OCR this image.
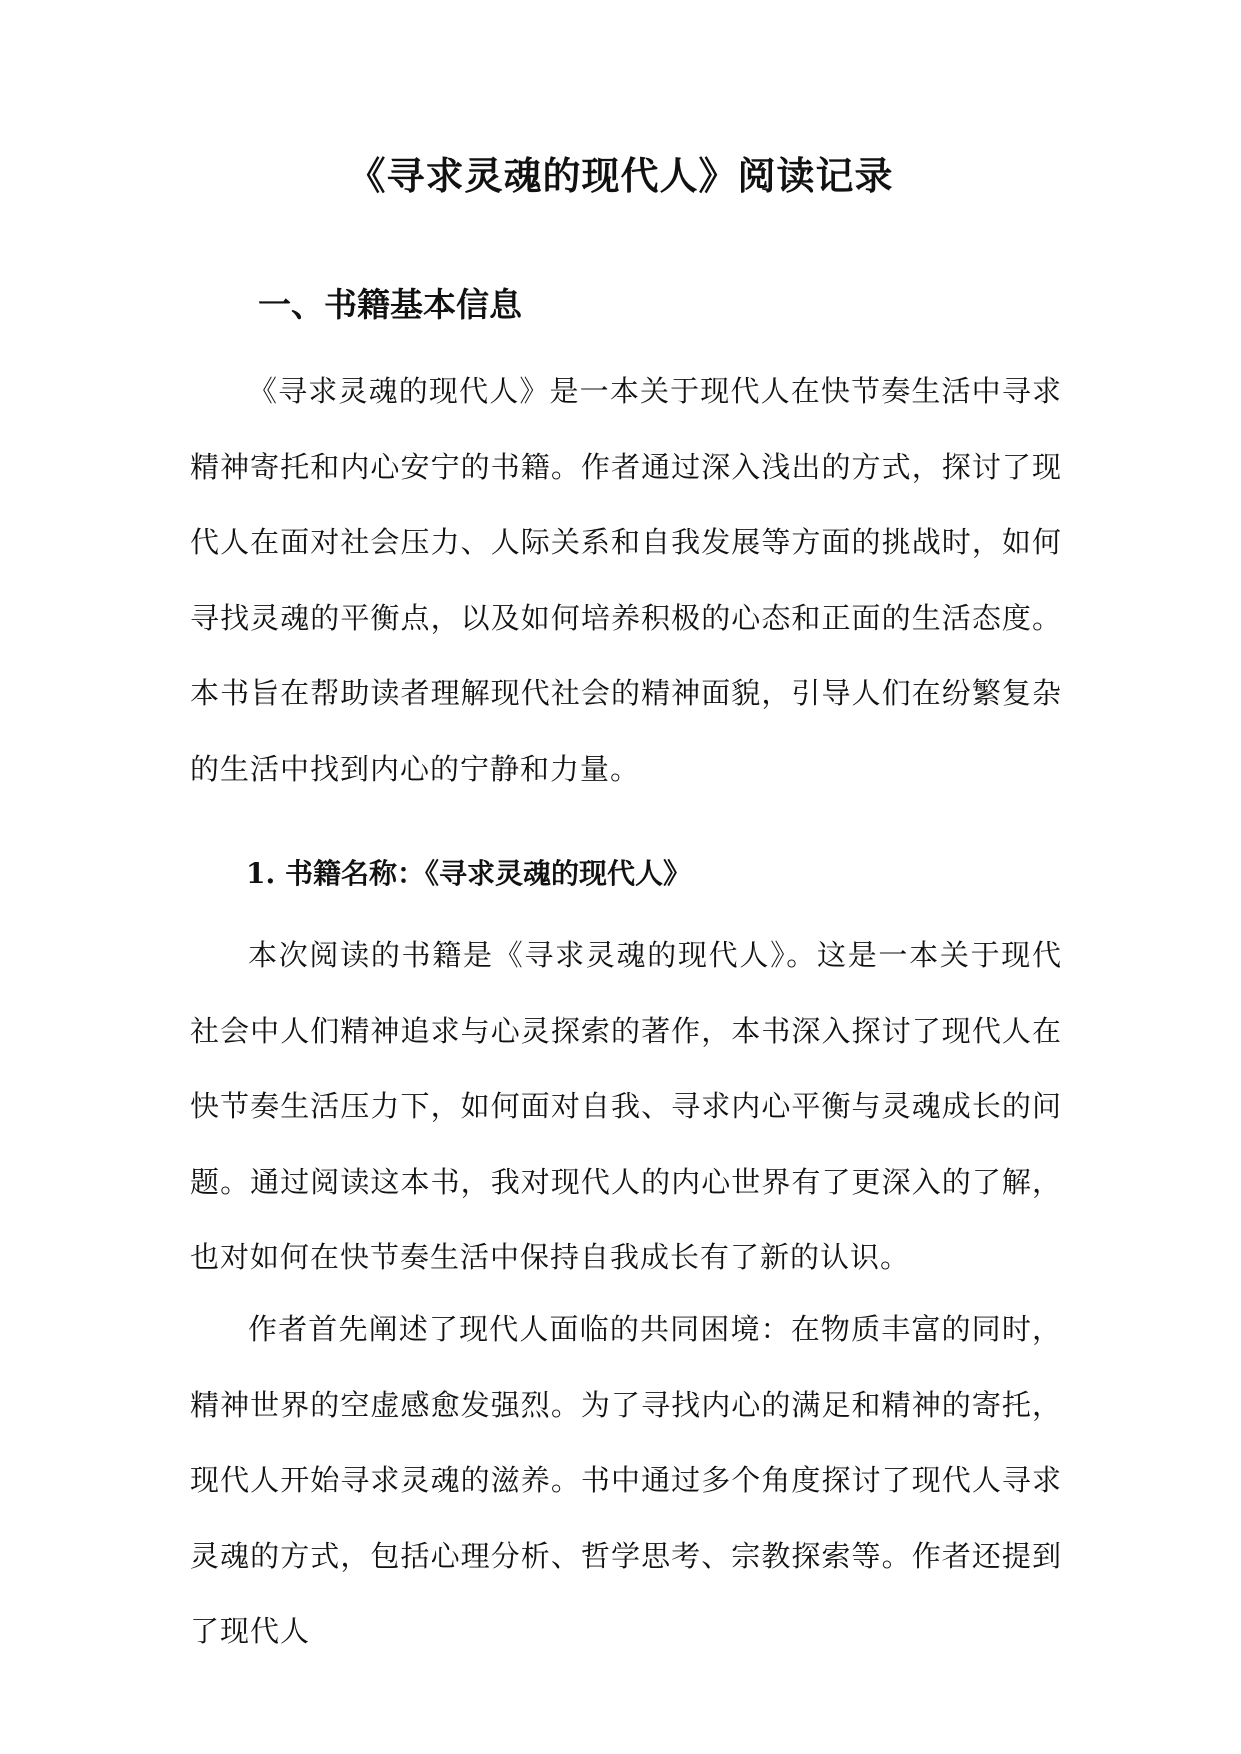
《寻求灵魂的现代人》阅读记录
一、书籍基本信息

《寻求灵魂的现代人》是一本关于现代人在快节奏生活中寻求精神寄托和内心安宁的书籍。作者通过深入浅出的方式，探讨了现代人在面对社会压力、人际关系和自我发展等方面的挑战时，如何寻找灵魂的平衡点，以及如何培养积极的心态和正面的生活态度。本书旨在帮助读者理解现代社会的精神面貌，引导人们在纷繁复杂的生活中找到内心的宁静和力量。

1. 书籍名称：《寻求灵魂的现代人》

本次阅读的书籍是《寻求灵魂的现代人》。这是一本关于现代社会中人们精神追求与心灵探索的著作，本书深入探讨了现代人在快节奏生活压力下，如何面对自我、寻求内心平衡与灵魂成长的问题。通过阅读这本书，我对现代人的内心世界有了更深入的了解，也对如何在快节奏生活中保持自我成长有了新的认识。

作者首先阐述了现代人面临的共同困境：在物质丰富的同时，精神世界的空虚感愈发强烈。为了寻找内心的满足和精神的寄托，现代人开始寻求灵魂的滋养。书中通过多个角度探讨了现代人寻求灵魂的方式，包括心理分析、哲学思考、宗教探索等。作者还提到了现代人
